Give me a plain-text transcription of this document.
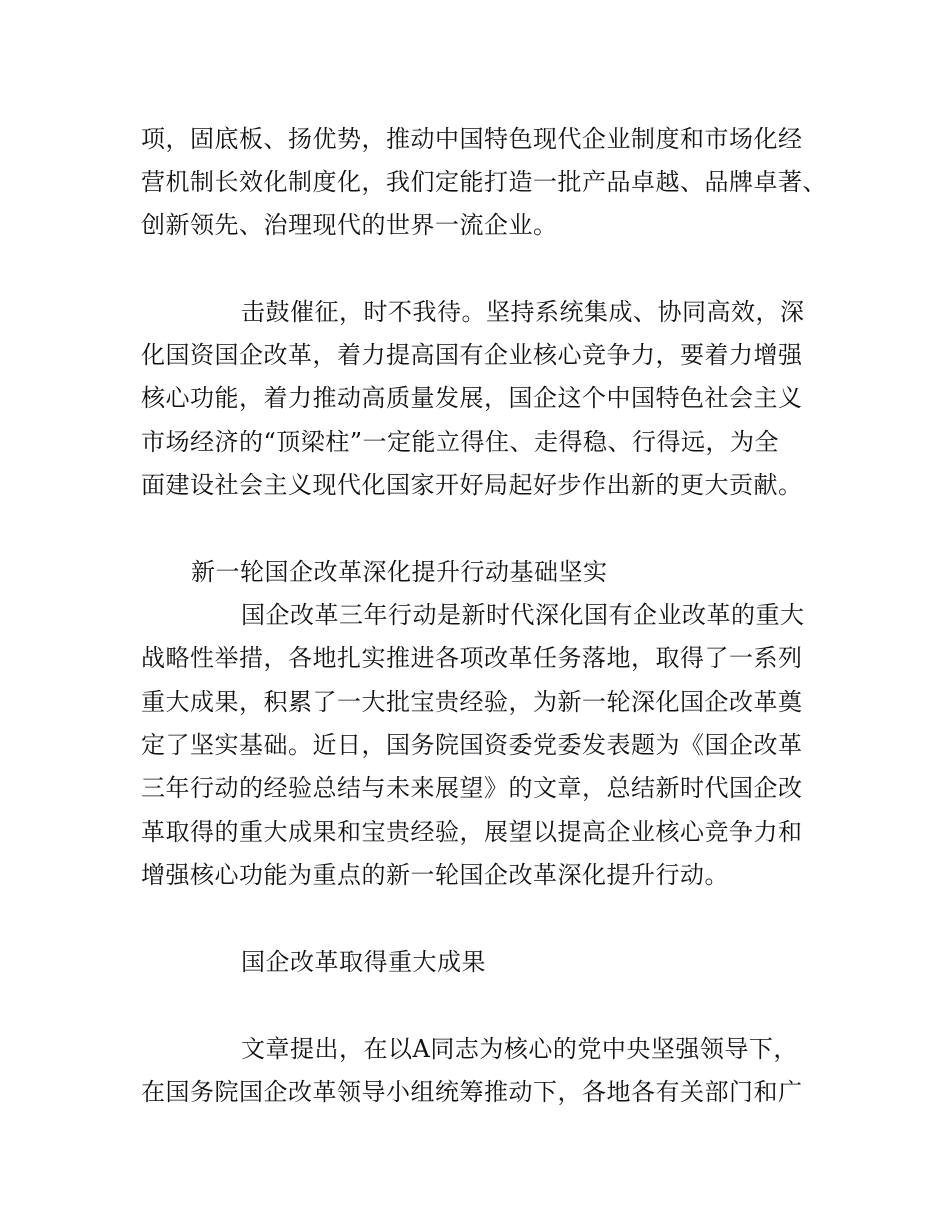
项，固底板、扬优势，推动中国特色现代企业制度和市场化经
营机制长效化制度化，我们定能打造一批产品卓越、品牌卓著、
创新领先、治理现代的世界一流企业。
击鼓催征，时不我待。坚持系统集成、协同高效，深
化国资国企改革，着力提高国有企业核心竞争力，要着力增强
核心功能，着力推动高质量发展，国企这个中国特色社会主义
市场经济的“顶梁柱”一定能立得住、走得稳、行得远，为全
面建设社会主义现代化国家开好局起好步作出新的更大贡献。
新一轮国企改革深化提升行动基础坚实
国企改革三年行动是新时代深化国有企业改革的重大
战略性举措，各地扎实推进各项改革任务落地，取得了一系列
重大成果，积累了一大批宝贵经验，为新一轮深化国企改革奠
定了坚实基础。近日，国务院国资委党委发表题为《国企改革
三年行动的经验总结与未来展望》的文章，总结新时代国企改
革取得的重大成果和宝贵经验，展望以提高企业核心竞争力和
增强核心功能为重点的新一轮国企改革深化提升行动。
国企改革取得重大成果
文章提出，在以A同志为核心的党中央坚强领导下，
在国务院国企改革领导小组统筹推动下，各地各有关部门和广
